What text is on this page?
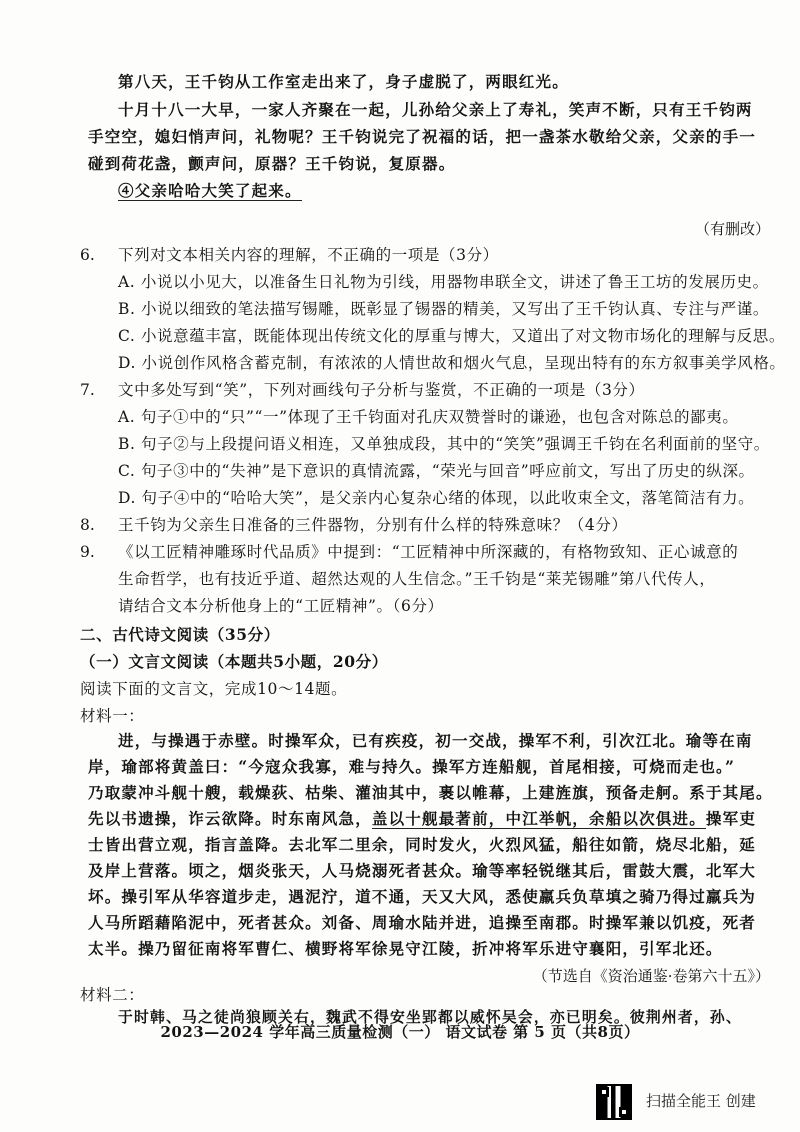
第八天，王千钧从工作室走出来了，身子虚脱了，两眼红光。
十月十八一大早，一家人齐聚在一起，儿孙给父亲上了寿礼，笑声不断，只有王千钧两
手空空，媳妇悄声问，礼物呢？王千钧说完了祝福的话，把一盏茶水敬给父亲，父亲的手一
碰到荷花盏，颤声问，原器？王千钧说，复原器。
④父亲哈哈大笑了起来。
（有删改）
6. 下列对文本相关内容的理解，不正确的一项是（3分）
A. 小说以小见大，以准备生日礼物为引线，用器物串联全文，讲述了鲁王工坊的发展历史。
B. 小说以细致的笔法描写锡雕，既彰显了锡器的精美，又写出了王千钧认真、专注与严谨。
C. 小说意蕴丰富，既能体现出传统文化的厚重与博大，又道出了对文物市场化的理解与反思。
D. 小说创作风格含蓄克制，有浓浓的人情世故和烟火气息，呈现出特有的东方叙事美学风格。
7. 文中多处写到“笑”，下列对画线句子分析与鉴赏，不正确的一项是（3分）
A. 句子①中的“只”“一”体现了王千钧面对孔庆双赞誉时的谦逊，也包含对陈总的鄙夷。
B. 句子②与上段提问语义相连，又单独成段，其中的“笑笑”强调王千钧在名利面前的坚守。
C. 句子③中的“失神”是下意识的真情流露，“荣光与回音”呼应前文，写出了历史的纵深。
D. 句子④中的“哈哈大笑”，是父亲内心复杂心绪的体现，以此收束全文，落笔简洁有力。
8. 王千钧为父亲生日准备的三件器物，分别有什么样的特殊意味？（4分）
9. 《以工匠精神雕琢时代品质》中提到：“工匠精神中所深藏的，有格物致知、正心诚意的
生命哲学，也有技近乎道、超然达观的人生信念。”王千钧是“莱芜锡雕”第八代传人，
请结合文本分析他身上的“工匠精神”。（6分）
二、古代诗文阅读（35分）
（一）文言文阅读（本题共5小题，20分）
阅读下面的文言文，完成10～14题。
材料一：
进，与操遇于赤壁。时操军众，已有疾疫，初一交战，操军不利，引次江北。瑜等在南
岸，瑜部将黄盖曰：“今寇众我寡，难与持久。操军方连船舰，首尾相接，可烧而走也。”
乃取蒙冲斗舰十艘，载燥荻、枯柴、灌油其中，裹以帷幕，上建旌旗，预备走舸。系于其尾。
先以书遗操，诈云欲降。时东南风急，盖以十舰最著前，中江举帆，余船以次俱进。操军吏
士皆出营立观，指言盖降。去北军二里余，同时发火，火烈风猛，船往如箭，烧尽北船，延
及岸上营落。顷之，烟炎张天，人马烧溺死者甚众。瑜等率轻锐继其后，雷鼓大震，北军大
坏。操引军从华容道步走，遇泥泞，道不通，天又大风，悉使羸兵负草填之骑乃得过羸兵为
人马所蹈藉陷泥中，死者甚众。刘备、周瑜水陆并进，追操至南郡。时操军兼以饥疫，死者
太半。操乃留征南将军曹仁、横野将军徐晃守江陵，折冲将军乐进守襄阳，引军北还。
（节选自《资治通鉴·卷第六十五》）
材料二：
于时韩、马之徒尚狼顾关右，魏武不得安坐郢都以威怀吴会，亦已明矣。彼荆州者，孙、
2023—2024 学年高三质量检测（一） 语文试卷 第 5 页（共8页）
扫描全能王 创建
